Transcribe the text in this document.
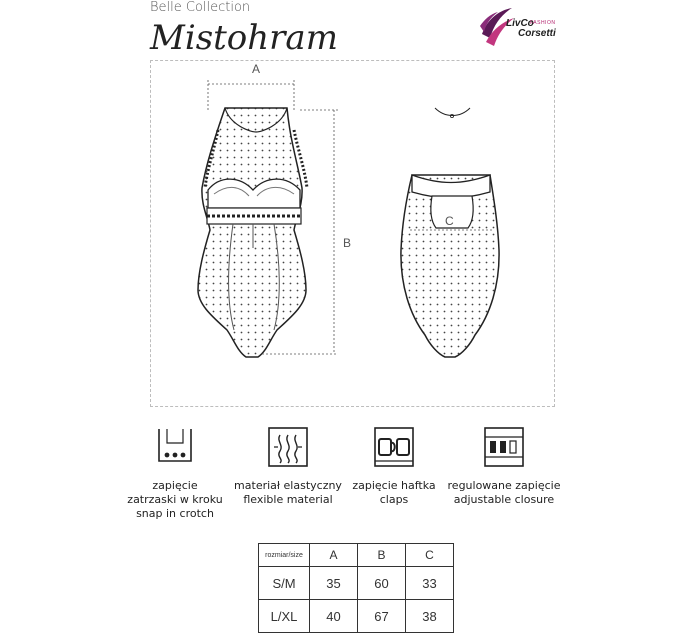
Belle Collection
Mistohram	LivCo
FASHION
Corsetti
A
B
C
zapięcie
zatrzaski w kroku
snap in crotch
materiał elastyczny
flexible material
zapięcie haftka
claps
regulowane zapięcie
adjustable closure
rozmiar/size	A	B	C
S/M	35	60	33
L/XL	40	67	38
